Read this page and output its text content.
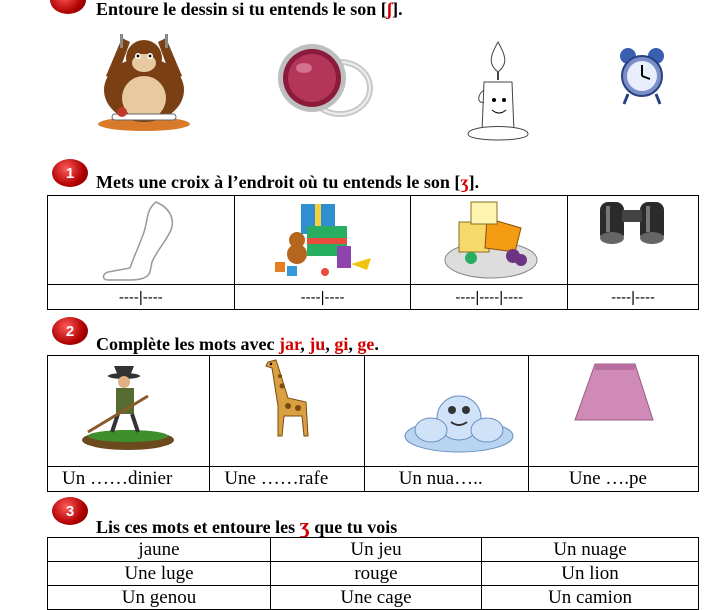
Entoure le dessin si tu entends le son [ʃ].
1	Mets une croix à l’endroit où tu entends le son [ʒ].

----|----	----|----	----|----|----	----|----
2
Complète les mots avec jar, ju, gi, ge.

Un ……dinier	Une ……rafe	Un nua…..	Une ….pe
3
Lis ces mots et entoure les ʒ que tu vois
jaune	Un jeu	Un nuage
Une luge	rouge	Un lion
Un genou	Une cage	Un camion
